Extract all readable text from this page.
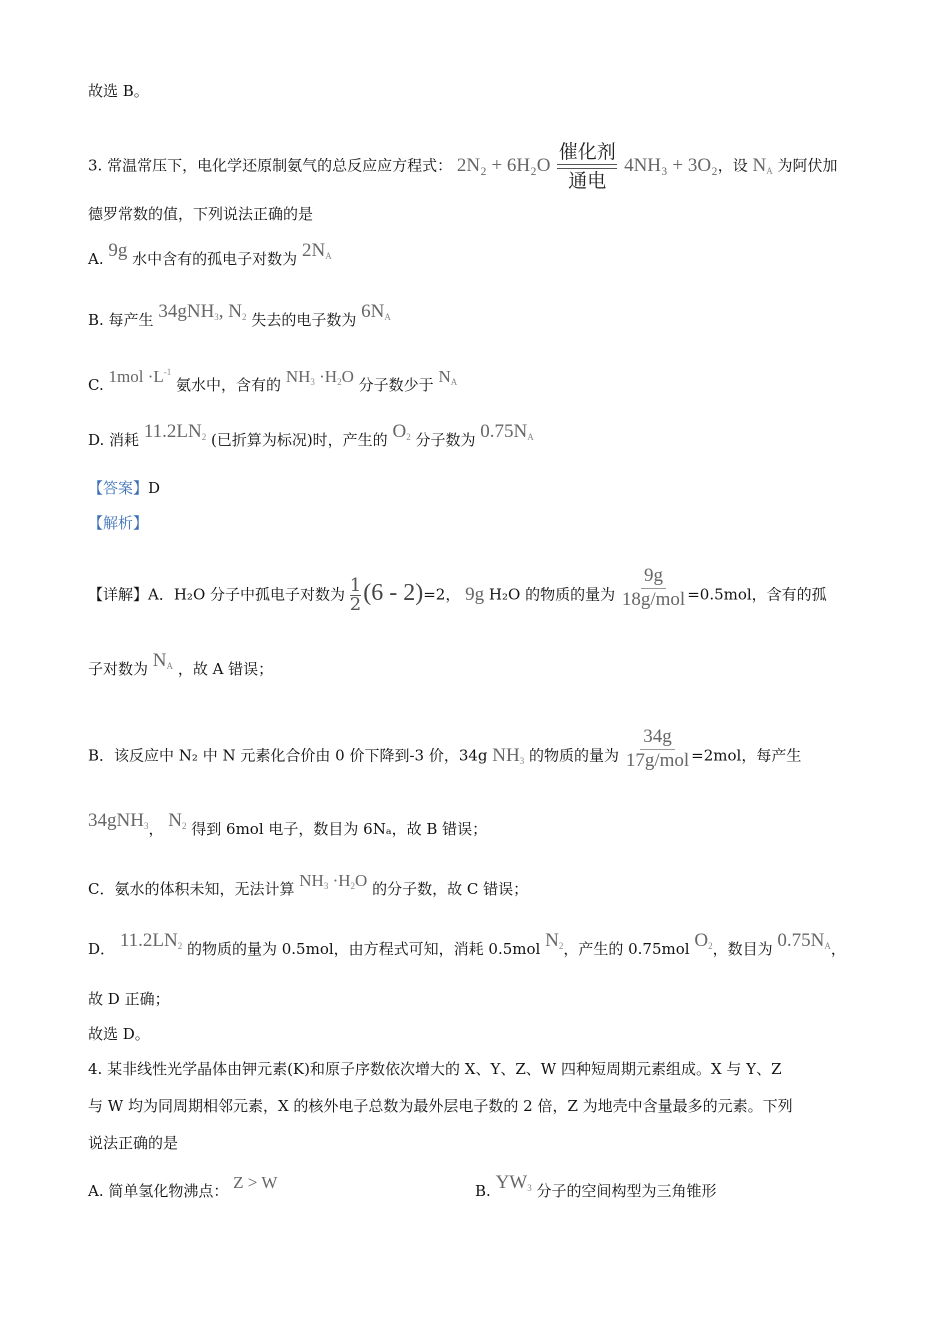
故选 B。
3. 常温常压下，电化学还原制氨气的总反应应方程式： 2N₂ + 6H₂O
催化剂
通电
4NH₃ + 3O₂，设 $N_A$ 为阿伏加
德罗常数的值，下列说法正确的是
A. 9g 水中含有的孤电子对数为 $2N_A$
B. 每产生 34gNH$_3$, $N_2$ 失去的电子数为 $6N_A$
C. $1mol \cdot L^{-1}$ 氨水中，含有的 $NH_3 \cdot H_2O$ 分子数少于 $N_A$
D. 消耗 $11.2LN_2$ (已折算为标况)时，产生的 $O_2$ 分子数为 $0.75N_A$
【答案】D
【解析】
【详解】A．H₂O 分子中孤电子对数为 $\frac{1}{2} (6 - 2)=2$， 9g H₂O 的物质的量为 $\frac{9g}{\text{18g/mol}} =0.5mol$，含有的孤
子对数为 $N_A$ ，故 A 错误；
B．该反应中 N₂ 中 N 元素化合价由 0 价下降到-3 价，34g $NH_3$ 的物质的量为 $\frac{34g}{\text{17g/mol}} =2mol$，每产生
34gNH$_3$， $N_2$ 得到 6mol 电子，数目为 6Nₐ，故 B 错误；
C．氨水的体积未知，无法计算 $NH_3 \cdot H_2O$ 的分子数，故 C 错误；
D． $11.2LN_2$ 的物质的量为 0.5mol，由方程式可知，消耗 0.5mol $N_2$，产生的 0.75mol $O_2$，数目为 $0.75N_A$，
故 D 正确；
故选 D。
4. 某非线性光学晶体由钾元素(K)和原子序数依次增大的 X、Y、Z、W 四种短周期元素组成。X 与 Y、Z
与 W 均为同周期相邻元素，X 的核外电子总数为最外层电子数的 2 倍，Z 为地壳中含量最多的元素。下列
说法正确的是
A. 简单氢化物沸点： Z > W	B. $YW_3$ 分子的空间构型为三角锥形
